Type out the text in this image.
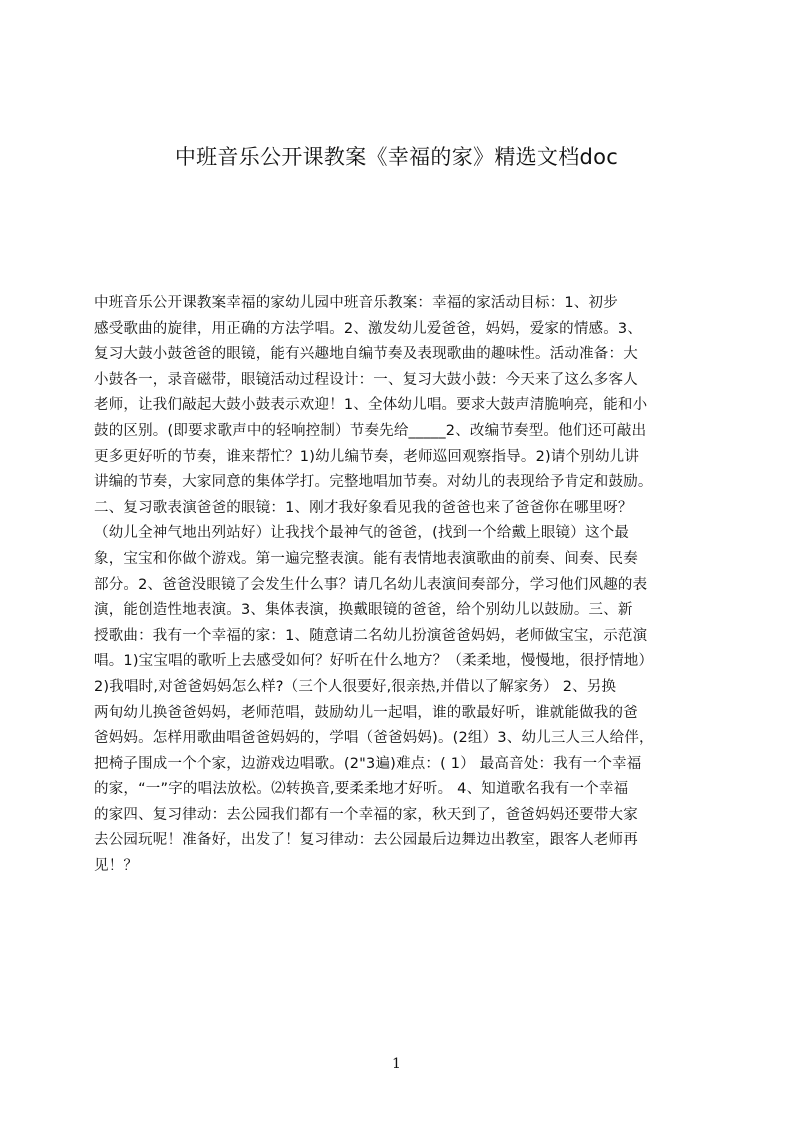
中班音乐公开课教案《幸福的家》精选文档doc
中班音乐公开课教案幸福的家幼儿园中班音乐教案：幸福的家活动目标：1、初步
感受歌曲的旋律，用正确的方法学唱。2、激发幼儿爱爸爸，妈妈，爱家的情感。3、
复习大鼓小鼓爸爸的眼镜，能有兴趣地自编节奏及表现歌曲的趣味性。活动准备：大
小鼓各一，录音磁带，眼镜活动过程设计：一、复习大鼓小鼓：今天来了这么多客人
老师，让我们敲起大鼓小鼓表示欢迎！1、全体幼儿唱。要求大鼓声清脆响亮，能和小
鼓的区别。(即要求歌声中的轻响控制）节奏先给_____2、改编节奏型。他们还可敲出
更多更好听的节奏，谁来帮忙？1)幼儿编节奏，老师巡回观察指导。2)请个别幼儿讲
讲编的节奏，大家同意的集体学打。完整地唱加节奏。对幼儿的表现给予肯定和鼓励。
二、复习歌表演爸爸的眼镜：1、刚才我好象看见我的爸爸也来了爸爸你在哪里呀？
（幼儿全神气地出列站好）让我找个最神气的爸爸，(找到一个给戴上眼镜）这个最
象，宝宝和你做个游戏。第一遍完整表演。能有表情地表演歌曲的前奏、间奏、民奏
部分。2、爸爸没眼镜了会发生什么事？请几名幼儿表演间奏部分，学习他们风趣的表
演，能创造性地表演。3、集体表演，换戴眼镜的爸爸，给个别幼儿以鼓励。三、新
授歌曲：我有一个幸福的家：1、随意请二名幼儿扮演爸爸妈妈，老师做宝宝，示范演
唱。1)宝宝唱的歌听上去感受如何？好听在什么地方？（柔柔地，慢慢地，很抒情地）
2)我唱时,对爸爸妈妈怎么样?（三个人很要好,很亲热,并借以了解家务） 2、另换
两旬幼儿换爸爸妈妈，老师范唱，鼓励幼儿一起唱，谁的歌最好听，谁就能做我的爸
爸妈妈。怎样用歌曲唱爸爸妈妈的，学唱（爸爸妈妈)。(2组）3、幼儿三人三人给伴，
把椅子围成一个个家，边游戏边唱歌。(2"3遍)难点：( 1） 最高音处：我有一个幸福
的家，“一”字的唱法放松。⑵转换音,要柔柔地才好听。 4、知道歌名我有一个幸福
的家四、复习律动：去公园我们都有一个幸福的家，秋天到了，爸爸妈妈还要带大家
去公园玩呢！准备好，出发了！复习律动：去公园最后边舞边出教室，跟客人老师再
见！？
1
